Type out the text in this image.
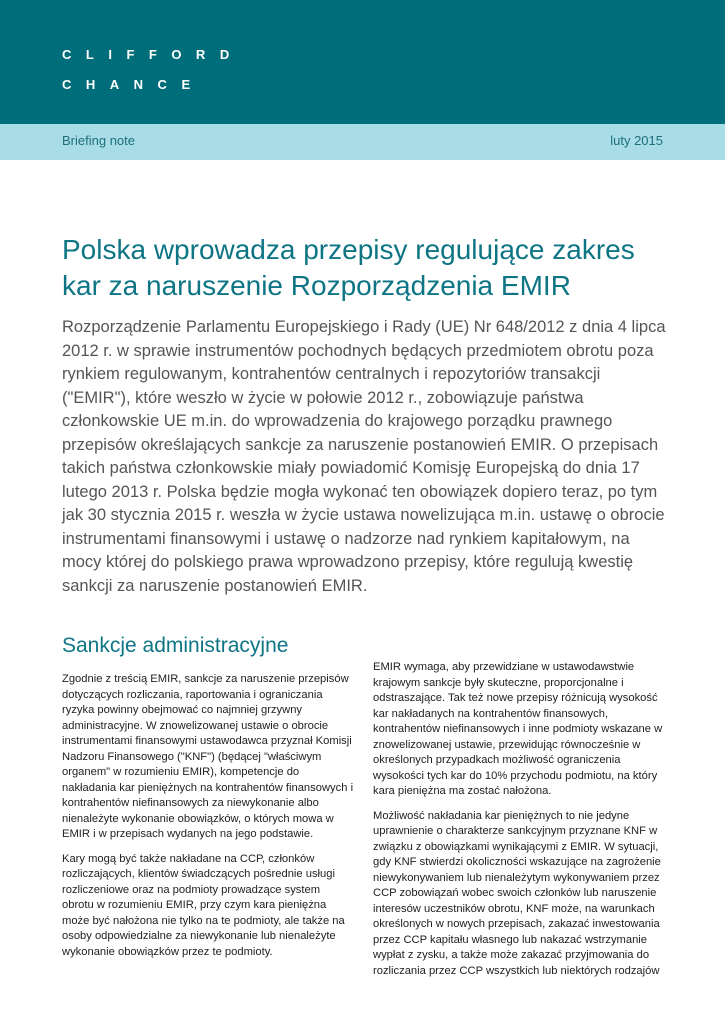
CLIFFORD
CHANCE
Briefing note	luty 2015
Polska wprowadza przepisy regulujące zakres kar za naruszenie Rozporządzenia EMIR

Rozporządzenie Parlamentu Europejskiego i Rady (UE) Nr 648/2012 z dnia 4 lipca 2012 r. w sprawie instrumentów pochodnych będących przedmiotem obrotu poza rynkiem regulowanym, kontrahentów centralnych i repozytoriów transakcji ("EMIR"), które weszło w życie w połowie 2012 r., zobowiązuje państwa członkowskie UE m.in. do wprowadzenia do krajowego porządku prawnego przepisów określających sankcje za naruszenie postanowień EMIR. O przepisach takich państwa członkowskie miały powiadomić Komisję Europejską do dnia 17 lutego 2013 r. Polska będzie mogła wykonać ten obowiązek dopiero teraz, po tym jak 30 stycznia 2015 r. weszła w życie ustawa nowelizująca m.in. ustawę o obrocie instrumentami finansowymi i ustawę o nadzorze nad rynkiem kapitałowym, na mocy której do polskiego prawa wprowadzono przepisy, które regulują kwestię sankcji za naruszenie postanowień EMIR.

Sankcje administracyjne

Zgodnie z treścią EMIR, sankcje za naruszenie przepisów dotyczących rozliczania, raportowania i ograniczania ryzyka powinny obejmować co najmniej grzywny administracyjne. W znowelizowanej ustawie o obrocie instrumentami finansowymi ustawodawca przyznał Komisji Nadzoru Finansowego ("KNF") (będącej "właściwym organem" w rozumieniu EMIR), kompetencje do nakładania kar pieniężnych na kontrahentów finansowych i kontrahentów niefinansowych za niewykonanie albo nienależyte wykonanie obowiązków, o których mowa w EMIR i w przepisach wydanych na jego podstawie.

Kary mogą być także nakładane na CCP, członków rozliczających, klientów świadczących pośrednie usługi rozliczeniowe oraz na podmioty prowadzące system obrotu w rozumieniu EMIR, przy czym kara pieniężna może być nałożona nie tylko na te podmioty, ale także na osoby odpowiedzialne za niewykonanie lub nienależyte wykonanie obowiązków przez te podmioty.

EMIR wymaga, aby przewidziane w ustawodawstwie krajowym sankcje były skuteczne, proporcjonalne i odstraszające. Tak też nowe przepisy różnicują wysokość kar nakładanych na kontrahentów finansowych, kontrahentów niefinansowych i inne podmioty wskazane w znowelizowanej ustawie, przewidując równocześnie w określonych przypadkach możliwość ograniczenia wysokości tych kar do 10% przychodu podmiotu, na który kara pieniężna ma zostać nałożona.

Możliwość nakładania kar pieniężnych to nie jedyne uprawnienie o charakterze sankcyjnym przyznane KNF w związku z obowiązkami wynikającymi z EMIR. W sytuacji, gdy KNF stwierdzi okoliczności wskazujące na zagrożenie niewykonywaniem lub nienależytym wykonywaniem przez CCP zobowiązań wobec swoich członków lub naruszenie interesów uczestników obrotu, KNF może, na warunkach określonych w nowych przepisach, zakazać inwestowania przez CCP kapitału własnego lub nakazać wstrzymanie wypłat z zysku, a także może zakazać przyjmowania do rozliczania przez CCP wszystkich lub niektórych rodzajów
